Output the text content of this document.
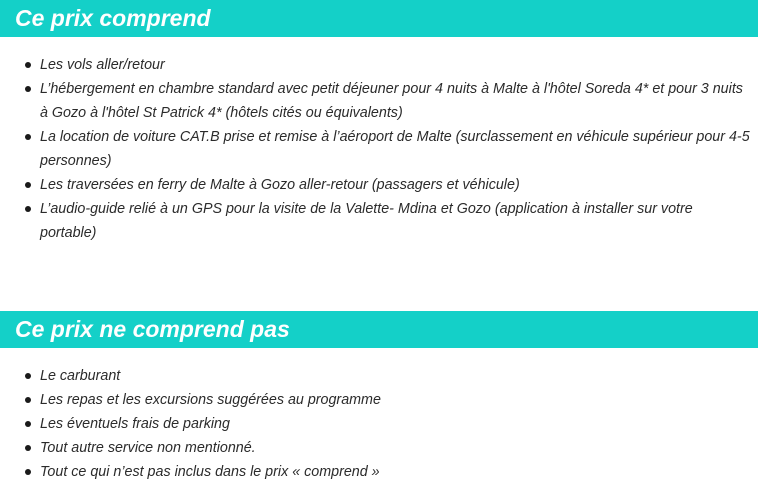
Ce prix comprend
Les vols aller/retour
L’hébergement en chambre standard avec petit déjeuner pour 4 nuits à Malte à l'hôtel Soreda 4* et pour 3 nuits à Gozo à l'hôtel St Patrick 4* (hôtels cités ou équivalents)
La location de voiture CAT.B prise et remise à l’aéroport de Malte (surclassement en véhicule supérieur pour 4-5 personnes)
Les traversées en ferry de Malte à Gozo aller-retour (passagers et véhicule)
L’audio-guide relié à un GPS pour la visite de la Valette- Mdina et Gozo (application à installer sur votre portable)
Ce prix ne comprend pas
Le carburant
Les repas et les excursions suggérées au programme
Les éventuels frais de parking
Tout autre service non mentionné.
Tout ce qui n’est pas inclus dans le prix « comprend »
